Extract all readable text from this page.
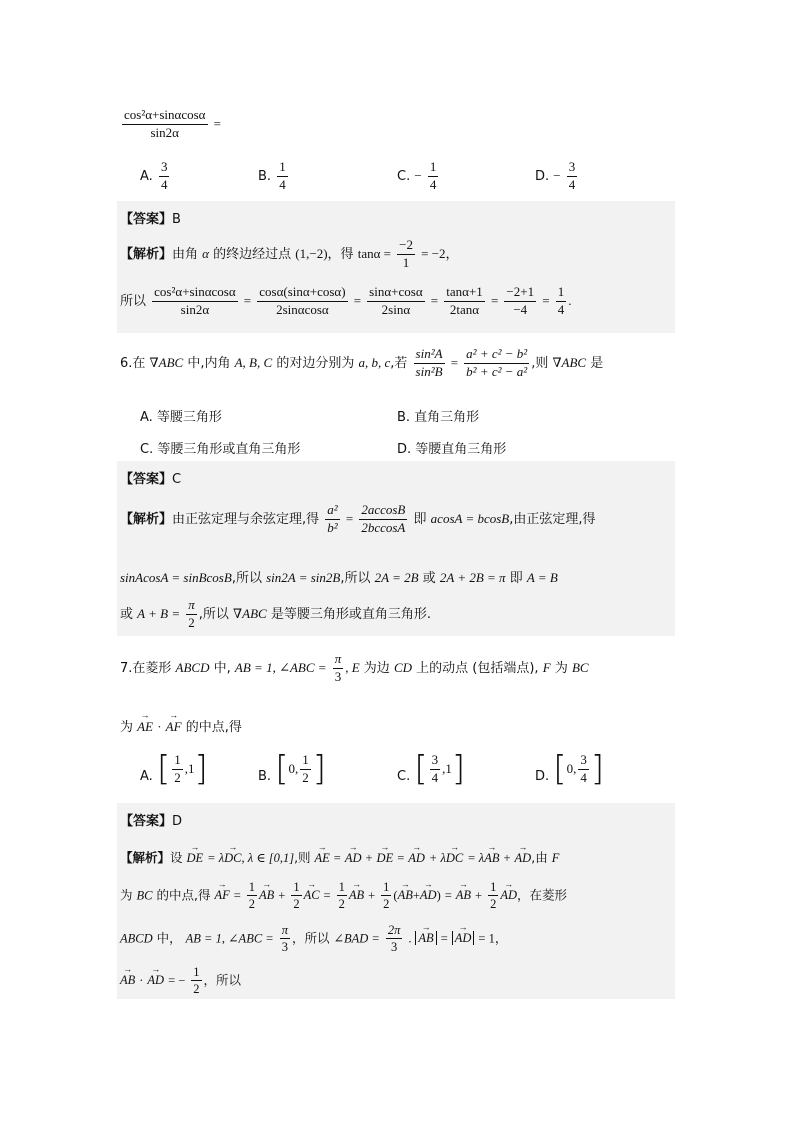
$\frac{\text{cos²α+sinαcosα}}{\sin 2\alpha}$ =
A. $\frac{3}{4}$	B. $\frac{1}{4}$	C. − $\frac{1}{4}$	D. − $\frac{3}{4}$
【答案】B
【解析】由角 α 的终边经过点 (1,−2)，得 $\tan\alpha = \frac{-2}{1} = -2$，
所以 $\frac{\text{cos²α+sinαcosα}}{\sin 2\alpha} = \frac{\cos\alpha(\sin\alpha+\cos\alpha)}{2\sin\alpha\cos\alpha} = \frac{\sin\alpha+\cos\alpha}{2\sin\alpha} = \frac{\tan\alpha+1}{2\tan\alpha} = \frac{-2+1}{-4} = \frac{1}{4}$ .
6.在 ∇ABC 中,内角 A, B, C 的对边分别为 a, b, c,若 $\frac{\text{sin²A}}{\text{sin²B}} = \frac{\text{a² + c² − b²}}{\text{b² + c² − a²}}$ ,则 ∇ABC 是
A. 等腰三角形	B. 直角三角形
C. 等腰三角形或直角三角形	D. 等腰直角三角形
【答案】C
【解析】由正弦定理与余弦定理,得 $\frac{\text{a²}}{\text{b²}} = \frac{2accosB}{2bccosA}$ 即 acosA = bcosB,由正弦定理,得
sinAcosA = sinBcosB,所以 sin2A = sin2B,所以 2A = 2B 或 2A + 2B = π 即 A = B
或 $A + B = \frac{\pi}{2}$ ,所以 ∇ABC 是等腰三角形或直角三角形.
7.在菱形 ABCD 中, AB = 1, ∠ABC = $\frac{\pi}{3}$ , E 为边 CD 上的动点 (包括端点), F 为 BC
为 → AE · → AF 的中点,得
A. [ $\frac{1}{2} ,1$ ]	B. [ 0, $\frac{1}{2}$ ]	C. [ $\frac{3}{4} ,1$ ]	D. [ 0, $\frac{3}{4}$ ]
【答案】D
【解析】设 → DE = λ→ DC, λ ∈ [0,1],则 → AE = → AD + → DE = → AD + λ→ DC = λ→ AB + → AD,由 F
为 BC 的中点,得 → AF = $\frac{1}{2}$ → AB + $\frac{1}{2}$ → AC = $\frac{1}{2}$ → AB + $\frac{1}{2}$ (→ AB+→ AD) = → AB + $\frac{1}{2}$ → AD，在菱形
ABCD 中， AB = 1, ∠ABC = $\frac{\pi}{3}$ ，所以 ∠BAD = $\frac{2\pi}{3}$ . → AB = → AD = 1，
→ AB · → AD = − $\frac{1}{2}$ ，所以
